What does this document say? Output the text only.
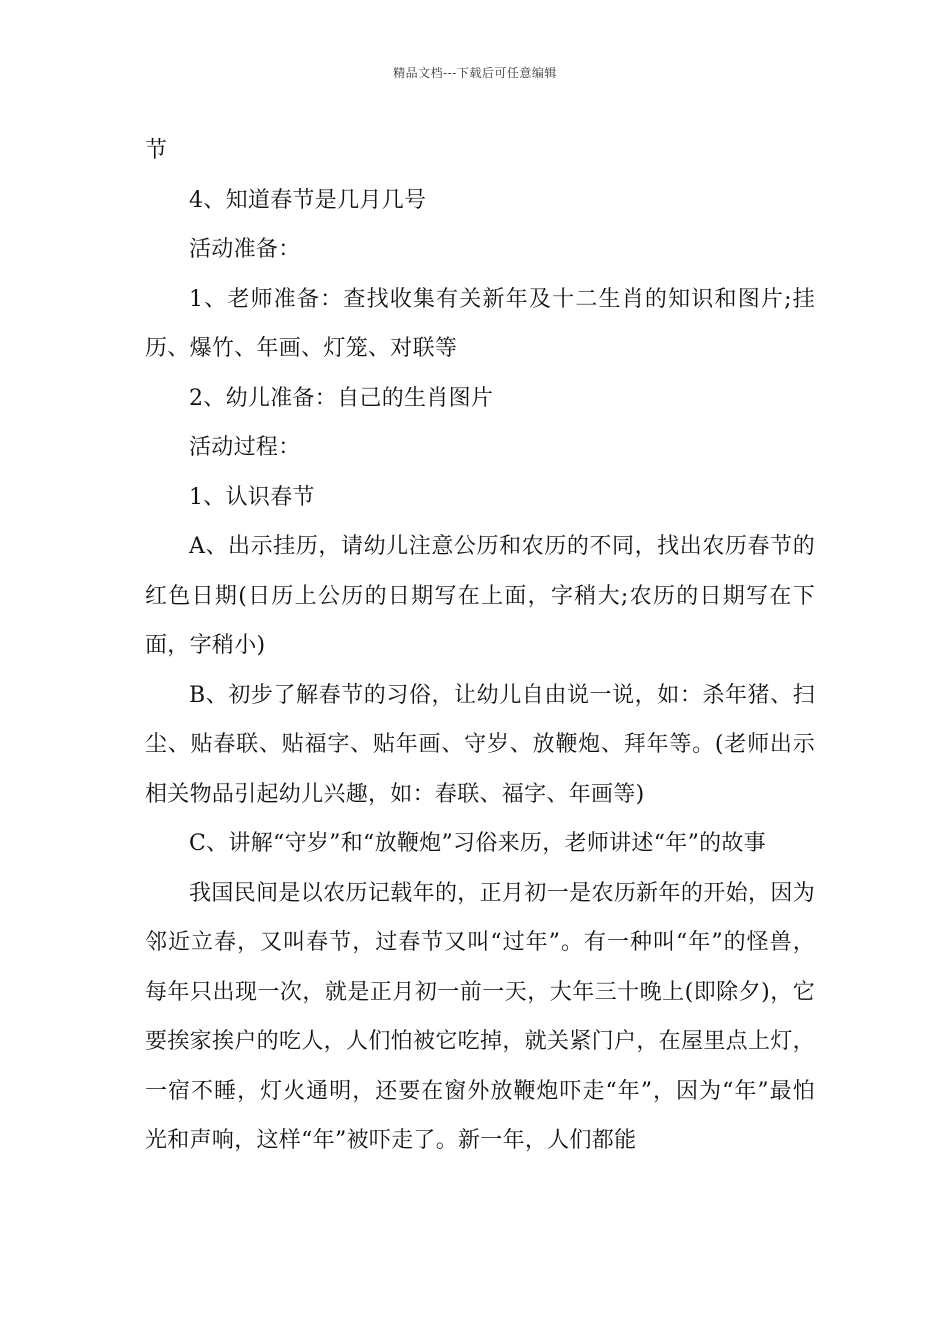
精品文档---下载后可任意编辑

节

4、知道春节是几月几号

活动准备：

1、老师准备：查找收集有关新年及十二生肖的知识和图片;挂历、爆竹、年画、灯笼、对联等

2、幼儿准备：自己的生肖图片

活动过程：

1、认识春节

A、出示挂历，请幼儿注意公历和农历的不同，找出农历春节的红色日期(日历上公历的日期写在上面，字稍大;农历的日期写在下面，字稍小)

B、初步了解春节的习俗，让幼儿自由说一说，如：杀年猪、扫尘、贴春联、贴福字、贴年画、守岁、放鞭炮、拜年等。(老师出示相关物品引起幼儿兴趣，如：春联、福字、年画等)

C、讲解“守岁”和“放鞭炮”习俗来历，老师讲述“年”的故事

我国民间是以农历记载年的，正月初一是农历新年的开始，因为邻近立春，又叫春节，过春节又叫“过年”。有一种叫“年”的怪兽，每年只出现一次，就是正月初一前一天，大年三十晚上(即除夕)，它要挨家挨户的吃人，人们怕被它吃掉，就关紧门户，在屋里点上灯，一宿不睡，灯火通明，还要在窗外放鞭炮吓走“年”，因为“年”最怕光和声响，这样“年”被吓走了。新一年，人们都能
